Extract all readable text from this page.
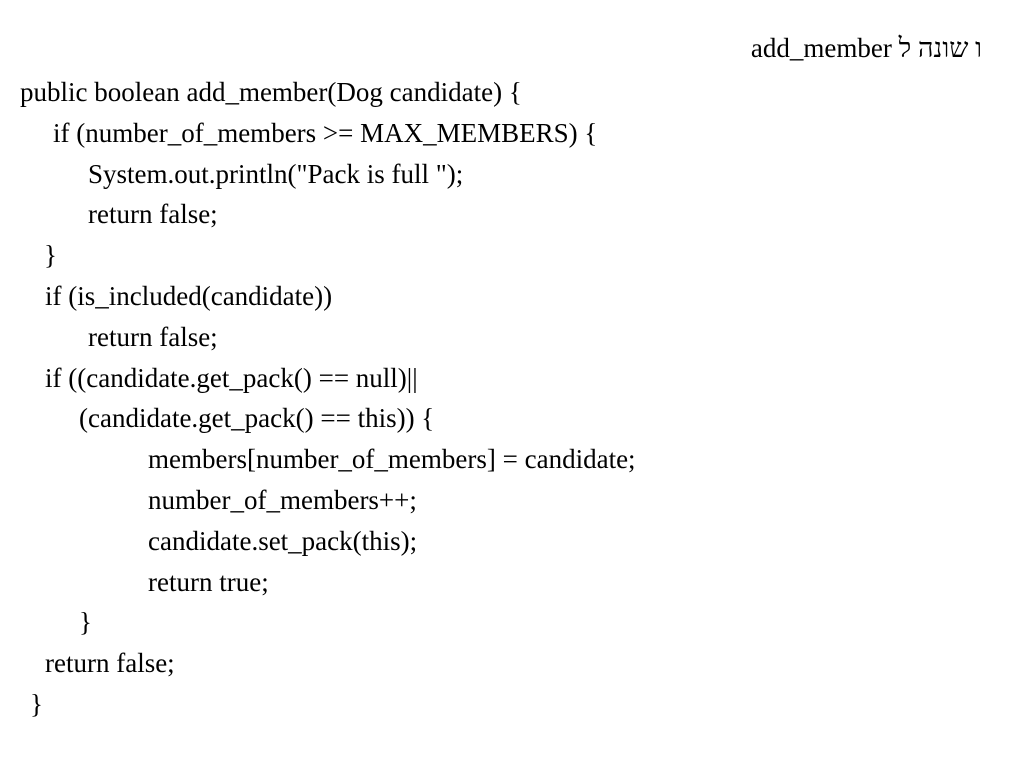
add_member ו שונה ל
public boolean add_member(Dog candidate) {
if (number_of_members >= MAX_MEMBERS) {
System.out.println("Pack is full ");
return false;
}
if (is_included(candidate))
return false;
if ((candidate.get_pack() == null)||
(candidate.get_pack() == this)) {
members[number_of_members] = candidate;
number_of_members++;
candidate.set_pack(this);
return true;
}
return false;
}
